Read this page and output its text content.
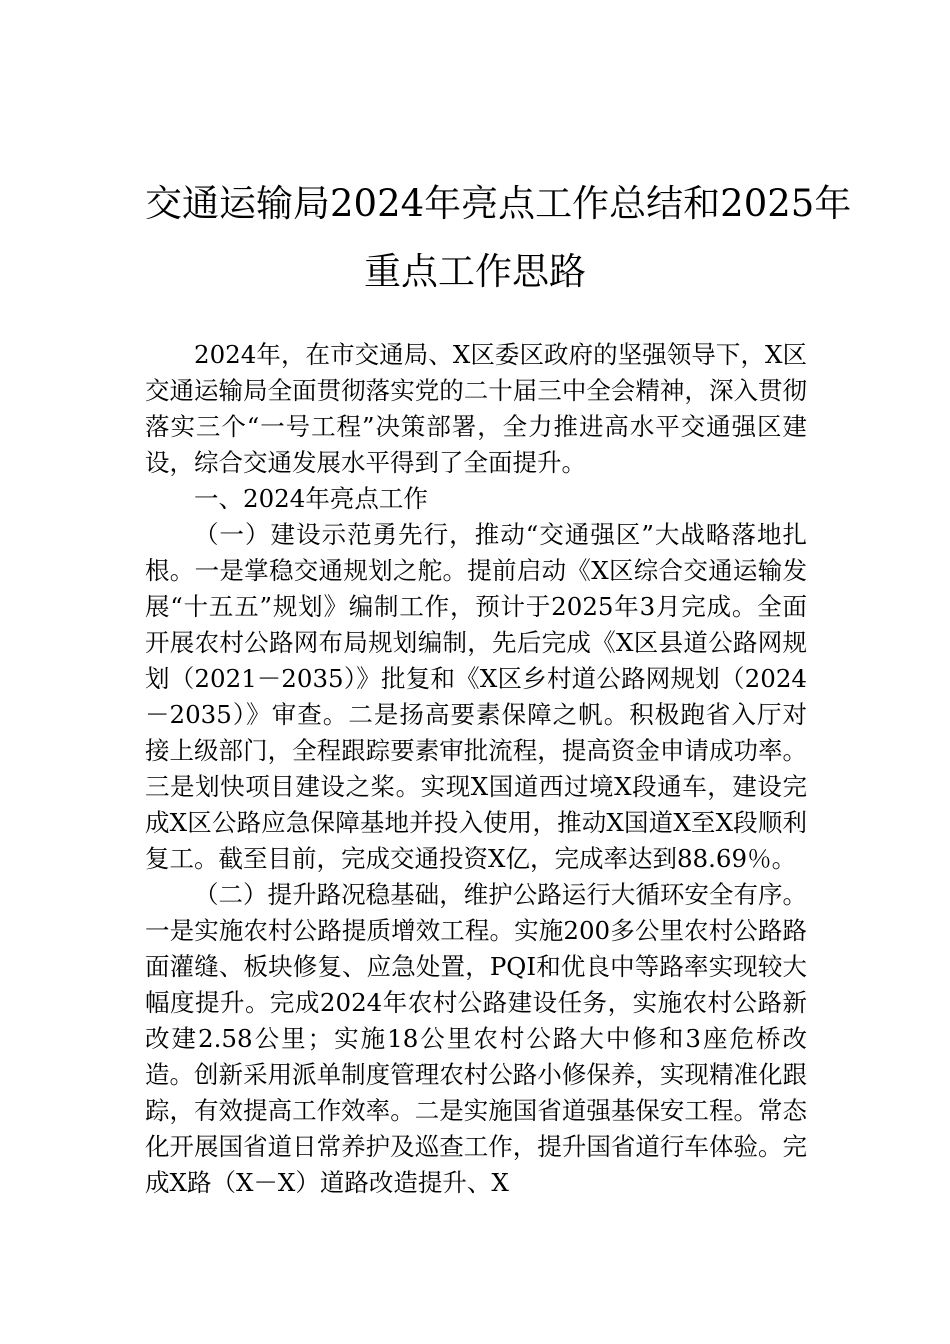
交通运输局2024年亮点工作总结和2025年
重点工作思路

2024年，在市交通局、X区委区政府的坚强领导下，X区交通运输局全面贯彻落实党的二十届三中全会精神，深入贯彻落实三个“一号工程”决策部署，全力推进高水平交通强区建设，综合交通发展水平得到了全面提升。

一、2024年亮点工作

（一）建设示范勇先行，推动“交通强区”大战略落地扎根。一是掌稳交通规划之舵。提前启动《X区综合交通运输发展“十五五”规划》编制工作，预计于2025年3月完成。全面开展农村公路网布局规划编制，先后完成《X区县道公路网规划（2021－2035）》批复和《X区乡村道公路网规划（2024－2035）》审查。二是扬高要素保障之帆。积极跑省入厅对接上级部门，全程跟踪要素审批流程，提高资金申请成功率。三是划快项目建设之桨。实现X国道西过境X段通车，建设完成X区公路应急保障基地并投入使用，推动X国道X至X段顺利复工。截至目前，完成交通投资X亿，完成率达到88.69％。

（二）提升路况稳基础，维护公路运行大循环安全有序。一是实施农村公路提质增效工程。实施200多公里农村公路路面灌缝、板块修复、应急处置，PQI和优良中等路率实现较大幅度提升。完成2024年农村公路建设任务，实施农村公路新改建2.58公里；实施18公里农村公路大中修和3座危桥改造。创新采用派单制度管理农村公路小修保养，实现精准化跟踪，有效提高工作效率。二是实施国省道强基保安工程。常态化开展国省道日常养护及巡查工作，提升国省道行车体验。完成X路（X－X）道路改造提升、X
